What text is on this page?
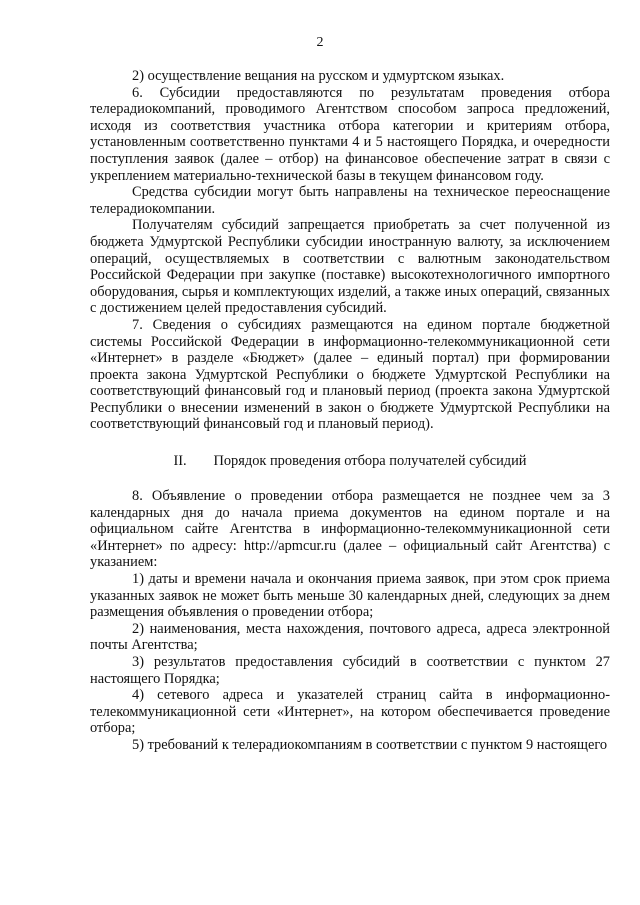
2

2) осуществление вещания на русском и удмуртском языках.

6. Субсидии предоставляются по результатам проведения отбора телерадиокомпаний, проводимого Агентством способом запроса предложений, исходя из соответствия участника отбора категории и критериям отбора, установленным соответственно пунктами 4 и 5 настоящего Порядка, и очередности поступления заявок (далее – отбор) на финансовое обеспечение затрат в связи с укреплением материально-технической базы в текущем финансовом году.

Средства субсидии могут быть направлены на техническое переоснащение телерадиокомпании.

Получателям субсидий запрещается приобретать за счет полученной из бюджета Удмуртской Республики субсидии иностранную валюту, за исключением операций, осуществляемых в соответствии с валютным законодательством Российской Федерации при закупке (поставке) высокотехнологичного импортного оборудования, сырья и комплектующих изделий, а также иных операций, связанных с достижением целей предоставления субсидий.

7. Сведения о субсидиях размещаются на едином портале бюджетной системы Российской Федерации в информационно-телекоммуникационной сети «Интернет» в разделе «Бюджет» (далее – единый портал) при формировании проекта закона Удмуртской Республики о бюджете Удмуртской Республики на соответствующий финансовый год и плановый период (проекта закона Удмуртской Республики о внесении изменений в закон о бюджете Удмуртской Республики на соответствующий финансовый год и плановый период).

II. Порядок проведения отбора получателей субсидий

8. Объявление о проведении отбора размещается не позднее чем за 3 календарных дня до начала приема документов на едином портале и на официальном сайте Агентства в информационно-телекоммуникационной сети «Интернет» по адресу: http://apmcur.ru (далее – официальный сайт Агентства) с указанием:

1) даты и времени начала и окончания приема заявок, при этом срок приема указанных заявок не может быть меньше 30 календарных дней, следующих за днем размещения объявления о проведении отбора;

2) наименования, места нахождения, почтового адреса, адреса электронной почты Агентства;

3) результатов предоставления субсидий в соответствии с пунктом 27 настоящего Порядка;

4) сетевого адреса и указателей страниц сайта в информационно-телекоммуникационной сети «Интернет», на котором обеспечивается проведение отбора;

5) требований к телерадиокомпаниям в соответствии с пунктом 9 настоящего
